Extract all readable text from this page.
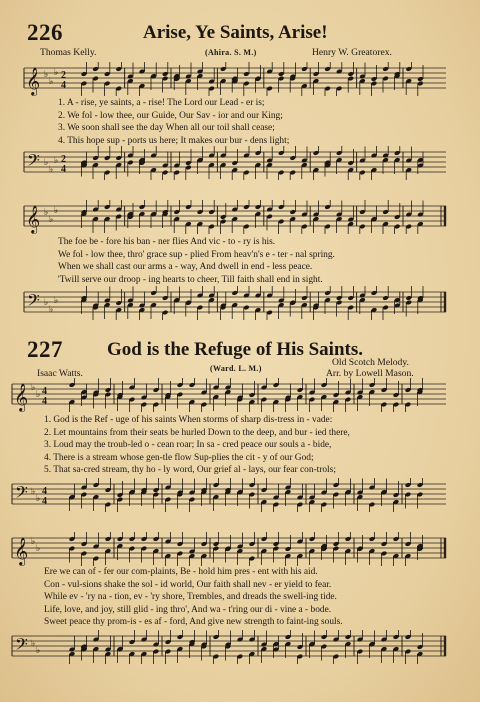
226	Arise, Ye Saints, Arise!
Thomas Kelly.	(Ahira. S. M.)	Henry W. Greatorex.
𝄞 ♭
♭
♭ 2
4
1. A - rise, ye saints, a - rise! The Lord our Lead - er is;
2. We fol - low thee, our Guide, Our Sav - ior and our King;
3. We soon shall see the day When all our toil shall cease;
4. This hope sup - ports us here; It makes our bur - dens light;
𝄢 ♭
♭
♭ 2
4
𝄞 ♭
♭
♭
The foe be - fore his ban - ner flies And vic - to - ry is his.
We fol - low thee, thro' grace sup - plied From heav'n's e - ter - nal spring.
When we shall cast our arms a - way, And dwell in end - less peace.
'Twill serve our droop - ing hearts to cheer, Till faith shall end in sight.
𝄢 ♭
♭
♭
227 God is the Refuge of His Saints.
Old Scotch Melody.
(Ward. L. M.)
Isaac Watts.	Arr. by Lowell Mason.
𝄞 ♭
♭ 4
4
1. God is the Ref - uge of his saints When storms of sharp dis-tress in - vade:
2. Let mountains from their seats be hurled Down to the deep, and bur - ied there,
3. Loud may the troub-led o - cean roar; In sa - cred peace our souls a - bide,
4. There is a stream whose gen-tle flow Sup-plies the cit - y of our God;
5. That sa-cred stream, thy ho - ly word, Our grief al - lays, our fear con-trols;
𝄢 ♭
♭
4
4
𝄞 ♭
♭
Ere we can of - fer our com-plaints, Be - hold him pres - ent with his aid.
Con - vul-sions shake the sol - id world, Our faith shall nev - er yield to fear.
While ev - 'ry na - tion, ev - 'ry shore, Trembles, and dreads the swell-ing tide.
Life, love, and joy, still glid - ing thro', And wa - t'ring our di - vine a - bode.
Sweet peace thy prom-is - es af - ford, And give new strength to faint-ing souls.
𝄢 ♭
♭
